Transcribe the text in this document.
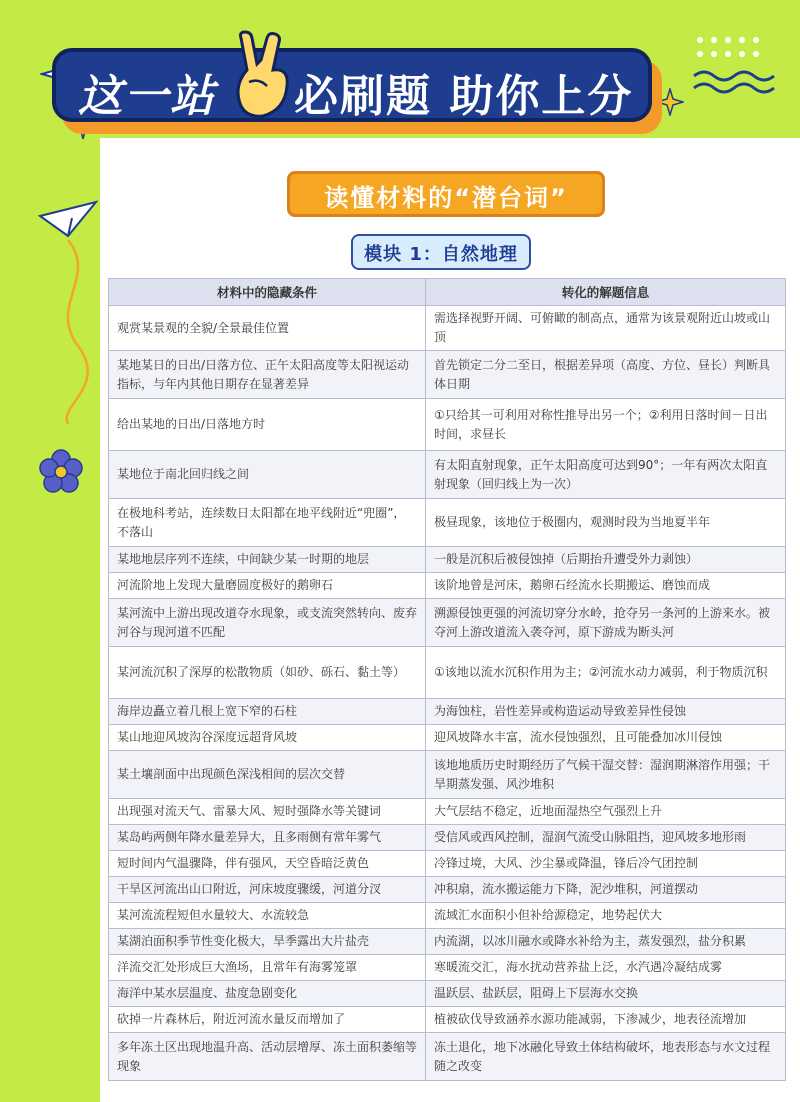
这一站 必刷题 助你上分
读懂材料的“潜台词”
模块 1：自然地理
材料中的隐藏条件	转化的解题信息
观赏某景观的全貌/全景最佳位置	需选择视野开阔、可俯瞰的制高点，通常为该景观附近山坡或山顶
某地某日的日出/日落方位、正午太阳高度等太阳视运动指标，与年内其他日期存在显著差异	首先锁定二分二至日，根据差异项（高度、方位、昼长）判断具体日期
给出某地的日出/日落地方时	①只给其一可利用对称性推导出另一个；②利用日落时间－日出时间，求昼长
某地位于南北回归线之间	有太阳直射现象，正午太阳高度可达到90°；一年有两次太阳直射现象（回归线上为一次）
在极地科考站，连续数日太阳都在地平线附近“兜圈”，不落山	极昼现象，该地位于极圈内，观测时段为当地夏半年
某地地层序列不连续，中间缺少某一时期的地层	一般是沉积后被侵蚀掉（后期抬升遭受外力剥蚀）
河流阶地上发现大量磨圆度极好的鹅卵石	该阶地曾是河床，鹅卵石经流水长期搬运、磨蚀而成
某河流中上游出现改道夺水现象，或支流突然转向、废弃河谷与现河道不匹配	溯源侵蚀更强的河流切穿分水岭，抢夺另一条河的上游来水。被夺河上游改道流入袭夺河，原下游成为断头河
某河流沉积了深厚的松散物质（如砂、砾石、黏土等）	①该地以流水沉积作用为主；②河流水动力减弱，利于物质沉积
海岸边矗立着几根上宽下窄的石柱	为海蚀柱，岩性差异或构造运动导致差异性侵蚀
某山地迎风坡沟谷深度远超背风坡	迎风坡降水丰富，流水侵蚀强烈，且可能叠加冰川侵蚀
某土壤剖面中出现颜色深浅相间的层次交替	该地地质历史时期经历了气候干湿交替：湿润期淋溶作用强；干旱期蒸发强、风沙堆积
出现强对流天气、雷暴大风、短时强降水等关键词	大气层结不稳定，近地面湿热空气强烈上升
某岛屿两侧年降水量差异大，且多雨侧有常年雾气	受信风或西风控制，湿润气流受山脉阻挡，迎风坡多地形雨
短时间内气温骤降，伴有强风，天空昏暗泛黄色	冷锋过境，大风、沙尘暴或降温，锋后冷气团控制
干旱区河流出山口附近，河床坡度骤缓，河道分汊	冲积扇，流水搬运能力下降，泥沙堆积，河道摆动
某河流流程短但水量较大、水流较急	流域汇水面积小但补给源稳定，地势起伏大
某湖泊面积季节性变化极大，旱季露出大片盐壳	内流湖，以冰川融水或降水补给为主，蒸发强烈，盐分积累
洋流交汇处形成巨大渔场，且常年有海雾笼罩	寒暖流交汇，海水扰动营养盐上泛，水汽遇冷凝结成雾
海洋中某水层温度、盐度急剧变化	温跃层、盐跃层，阻碍上下层海水交换
砍掉一片森林后，附近河流水量反而增加了	植被砍伐导致涵养水源功能减弱，下渗减少，地表径流增加
多年冻土区出现地温升高、活动层增厚、冻土面积萎缩等现象	冻土退化，地下冰融化导致土体结构破坏，地表形态与水文过程随之改变
